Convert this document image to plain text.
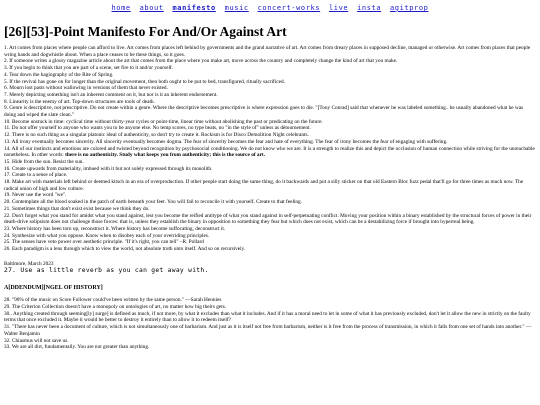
home about manifesto music concert-works live insta agitprop
[26][53]-Point Manifesto For And/Or Against Art

1. Art comes from places where people can afford to live. Art comes from places left behind by governments and the grand narrative of art. Art comes from dreary places in supposed decline, managed or otherwise. Art comes from places that people wring hands and dogwhistle about. When a place ceases to be these things, so it goes.

2. If someone writes a glossy magazine article about the art that comes from the place where you make art, move across the country and completely change the kind of art that you make.

3. If you begin to think that you are part of a scene, set fire to it and/or yourself.

4. Tear down the hagiography of the Rite of Spring.

5. If the revival has gone on for longer than the original movement, then both ought to be put to bed, transfigured, ritually sacrificed.

6. Mourn lost pasts without wallowing in versions of them that never existed.

7. Merely depicting something isn't an inherent comment on it, but nor is it an inherent endorsement.

8. Linearity is the enemy of art. Top-down structures are tools of death.

9. Genre is descriptive, not prescriptive. Do not create within a genre. Where the descriptive becomes prescriptive is where expression goes to die. "[Tony Conrad] said that whenever he was labeled something.. he usually abandoned what he was doing and wiped the slate clean."

10. Become unstuck in time: cyclical time without thirty-year cycles or point-time, linear time without abolishing the past or predicating on the future.

11. Do not offer yourself to anyone who wants you to be anyone else. No temp scores, no type beats, no "in the style of" unless as détournement.

12. There is no such thing as a singular platonic ideal of authenticity, so don't try to create it. Rockism is for Disco Demolition Night celebrants.

13. All irony eventually becomes sincerity. All sincerity eventually becomes dogma. The fear of sincerity becomes the fear and hate of everything. The fear of irony becomes the fear of engaging with suffering.

14. All of our instincts and emotions are colored and twisted beyond recognition by psychosocial conditioning. We do not know who we are. It is a strength to realize this and depict the occlusion of human connection while striving for the unreachable nonetheless. In other words: there is no authenticity. Study what keeps you from authenticity; this is the source of art.

15. Hide from the sun. Resist the sun.

16. Create upwards from materiality, imbued with it but not solely expressed through its monolith.

17. Create to a sense of place.

18. Make art with materials left behind or deemed kitsch in an era of overproduction. If other people start doing the same thing, do it backwards and put a silly sticker on that old Eastern Bloc fuzz pedal that'll go for three times as much now. The radical union of high and low culture.

19. Never use the word "we".

20. Contemplate all the blood soaked in the patch of earth beneath your feet. You will fail to reconcile it with yourself. Create to that feeling.

21. Sometimes things that don't exist exist because we think they do.

22. Don't forget what you stand for amidst what you stand against, lest you become the reified antitype of what you stand against in self-perpetuating conflict. Moving your position within a binary established by the structural forces of power in their death-drive solipsism does not challenge those forces: that is, unless they establish the binary in opposition to something they fear but which does not exist, which can be a destabilizing force if brought into hyperreal being.

23. Where history has been torn up, reconstruct it. Where history has become suffocating, deconstruct it.

24. Synthesize with what you oppose. Know when to disobey each of your overriding principles.

25. The senses have veto power over aesthetic principle. "If it's right, you can tell" –R. Pollard

26. Each paradigm is a lens through which to view the world, not absolute truth unto itself. And so on recursively.

Baltimore, March 2023
27. Use as little reverb as you can get away with.
A[DDENDUM][NGEL OF HISTORY]

28. "90% of the music on Score Follower could've been written by the same person." —Sarah Hennies

29. The Criterion Collection doesn't have a monopoly on ontologies of art, no matter how big theirs gets.

30.. Anything created through seeming[ly] surge] is defined as much, if not more, by what it excludes than what it includes. And if it has a moral need to let in some of what it has previously excluded, don't let it allow the new in strictly on the faulty terms that once excluded it. Maybe it would be better to destroy it entirely than to allow it to redeem itself?

31. "There has never been a document of culture, which is not simultaneously one of barbarism. And just as it is itself not free from barbarism, neither is it free from the process of transmission, in which it falls from one set of hands into another." —Walter Benjamin

32. Chiasmus will not save us.

33. We are all dirt, fundamentally. You are not greater than anything.
